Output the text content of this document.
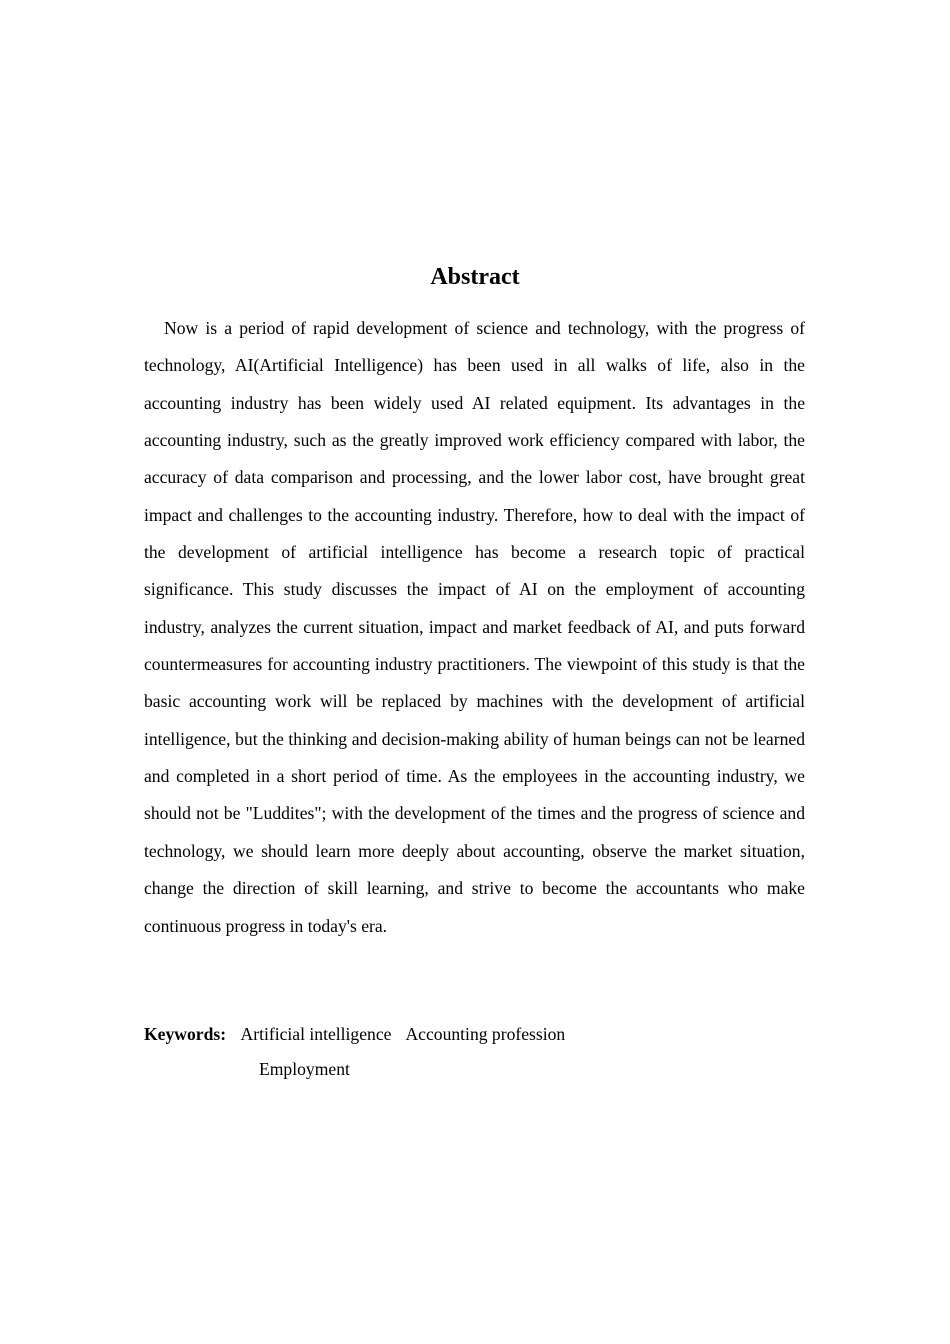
Abstract

Now is a period of rapid development of science and technology, with the progress of technology, AI(Artificial Intelligence) has been used in all walks of life, also in the accounting industry has been widely used AI related equipment. Its advantages in the accounting industry, such as the greatly improved work efficiency compared with labor, the accuracy of data comparison and processing, and the lower labor cost, have brought great impact and challenges to the accounting industry. Therefore, how to deal with the impact of the development of artificial intelligence has become a research topic of practical significance. This study discusses the impact of AI on the employment of accounting industry, analyzes the current situation, impact and market feedback of AI, and puts forward countermeasures for accounting industry practitioners. The viewpoint of this study is that the basic accounting work will be replaced by machines with the development of artificial intelligence, but the thinking and decision-making ability of human beings can not be learned and completed in a short period of time. As the employees in the accounting industry, we should not be "Luddites"; with the development of the times and the progress of science and technology, we should learn more deeply about accounting, observe the market situation, change the direction of skill learning, and strive to become the accountants who make continuous progress in today's era.

Keywords: Artificial intelligence Accounting profession
Employment
